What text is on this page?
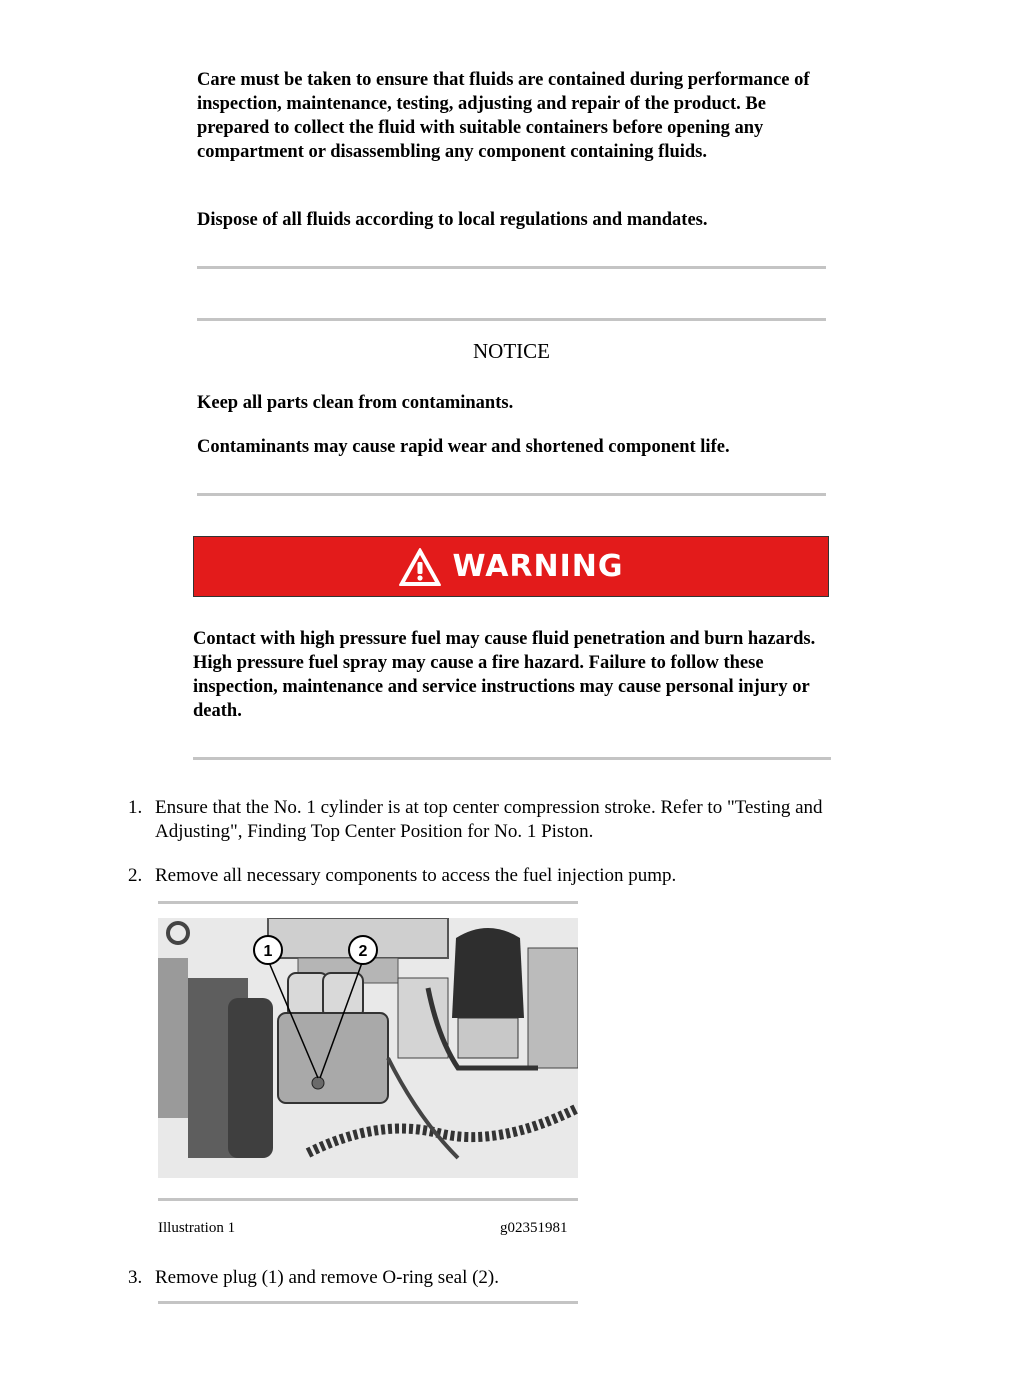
Care must be taken to ensure that fluids are contained during performance of inspection, maintenance, testing, adjusting and repair of the product. Be prepared to collect the fluid with suitable containers before opening any compartment or disassembling any component containing fluids.

Dispose of all fluids according to local regulations and mandates.

NOTICE

Keep all parts clean from contaminants.

Contaminants may cause rapid wear and shortened component life.

WARNING

Contact with high pressure fuel may cause fluid penetration and burn hazards. High pressure fuel spray may cause a fire hazard. Failure to follow these inspection, maintenance and service instructions may cause personal injury or death.

1. Ensure that the No. 1 cylinder is at top center compression stroke. Refer to "Testing and Adjusting", Finding Top Center Position for No. 1 Piston.
2. Remove all necessary components to access the fuel injection pump.
1	2
Illustration 1	g02351981
3. Remove plug (1) and remove O-ring seal (2).
